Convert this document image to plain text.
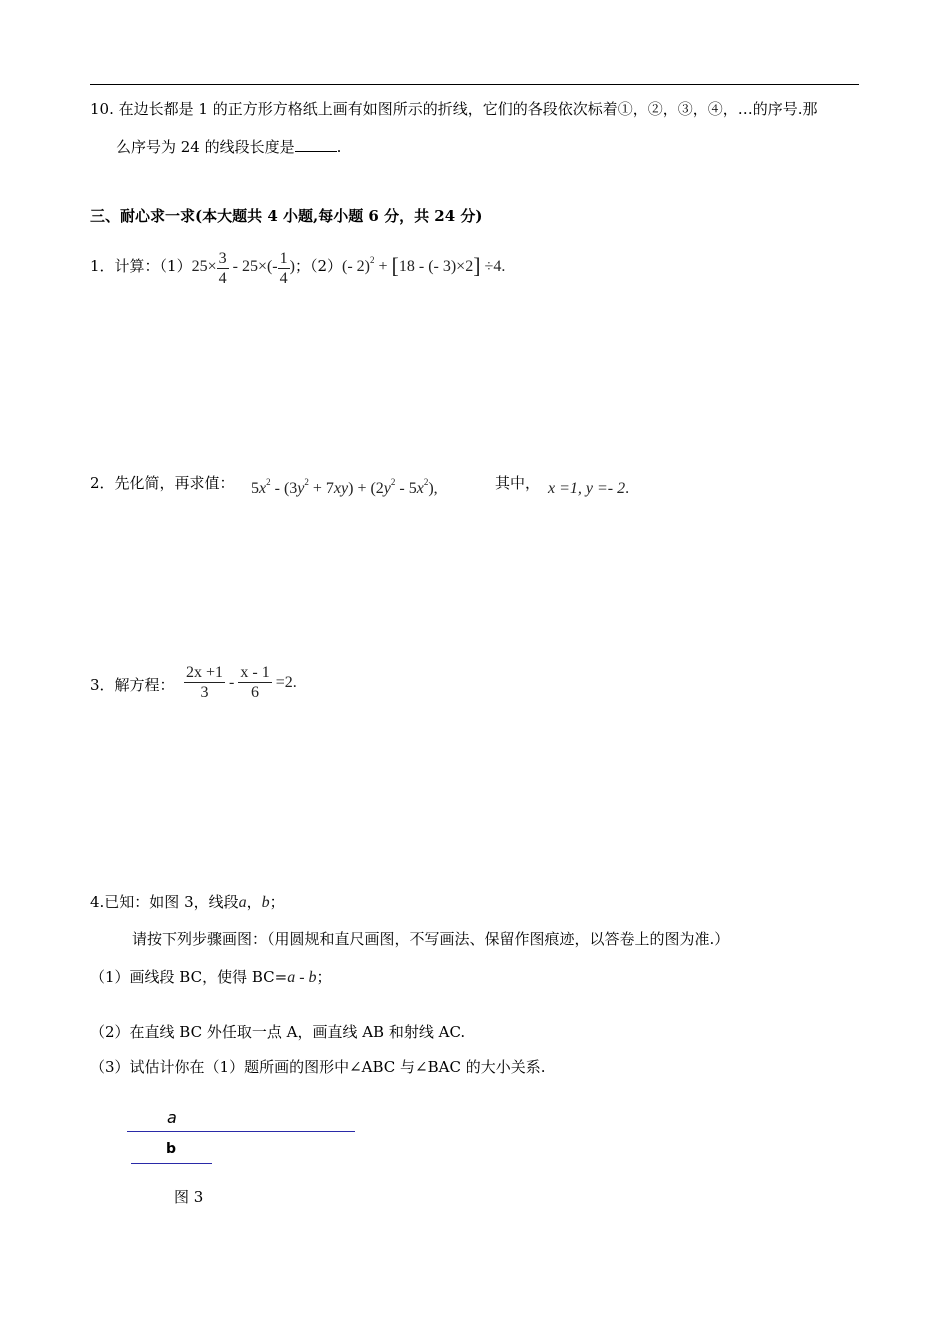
10. 在边长都是 1 的正方形方格纸上画有如图所示的折线，它们的各段依次标着①，②，③，④，…的序号.那
么序号为 24 的线段长度是	.
三、耐心求一求(本大题共 4 小题,每小题 6 分，共 24 分)
1．计算：$(1)25\times \frac{3}{4} - 25\times(- \frac{1}{4}$ )；（2）(- 2)$^2$ + [18 - (- 3)×2] ÷4.
2．先化简，再求值： $5x^2 - (3y^2 + 7xy) + (2y^2 - 5x^2)$,	其中， x =1, y =- 2.
3．解方程： $\frac{2x +1}{3} - \frac{x - 1}{6} =2$.
4.已知：如图 3，线段a，b；
请按下列步骤画图：（用圆规和直尺画图，不写画法、保留作图痕迹，以答卷上的图为准.）
（1）画线段 BC，使得 BC=a - b；
（2）在直线 BC 外任取一点 A，画直线 AB 和射线 AC.
（3）试估计你在（1）题所画的图形中∠ABC 与∠BAC 的大小关系.
a
b
图 3
